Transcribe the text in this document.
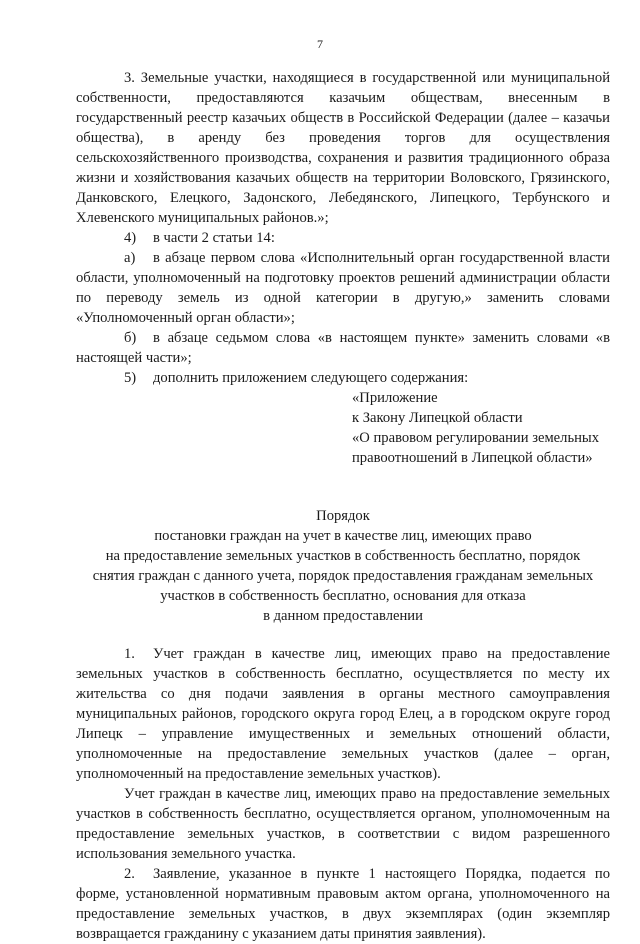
7

3. Земельные участки, находящиеся в государственной или муниципальной собственности, предоставляются казачьим обществам, внесенным в государственный реестр казачьих обществ в Российской Федерации (далее – казачьи общества), в аренду без проведения торгов для осуществления сельскохозяйственного производства, сохранения и развития традиционного образа жизни и хозяйствования казачьих обществ на территории Воловского, Грязинского, Данковского, Елецкого, Задонского, Лебедянского, Липецкого, Тербунского и Хлевенского муниципальных районов.»;

4) в части 2 статьи 14:

а) в абзаце первом слова «Исполнительный орган государственной власти области, уполномоченный на подготовку проектов решений администрации области по переводу земель из одной категории в другую,» заменить словами «Уполномоченный орган области»;

б) в абзаце седьмом слова «в настоящем пункте» заменить словами «в настоящей части»;

5) дополнить приложением следующего содержания:

«Приложение

к Закону Липецкой области

«О правовом регулировании земельных правоотношений в Липецкой области»

Порядок

постановки граждан на учет в качестве лиц, имеющих право

на предоставление земельных участков в собственность бесплатно, порядок

снятия граждан с данного учета, порядок предоставления гражданам земельных

участков в собственность бесплатно, основания для отказа

в данном предоставлении

1. Учет граждан в качестве лиц, имеющих право на предоставление земельных участков в собственность бесплатно, осуществляется по месту их жительства со дня подачи заявления в органы местного самоуправления муниципальных районов, городского округа город Елец, а в городском округе город Липецк – управление имущественных и земельных отношений области, уполномоченные на предоставление земельных участков (далее – орган, уполномоченный на предоставление земельных участков).

Учет граждан в качестве лиц, имеющих право на предоставление земельных участков в собственность бесплатно, осуществляется органом, уполномоченным на предоставление земельных участков, в соответствии с видом разрешенного использования земельного участка.

2. Заявление, указанное в пункте 1 настоящего Порядка, подается по форме, установленной нормативным правовым актом органа, уполномоченного на предоставление земельных участков, в двух экземплярах (один экземпляр возвращается гражданину с указанием даты принятия заявления).
